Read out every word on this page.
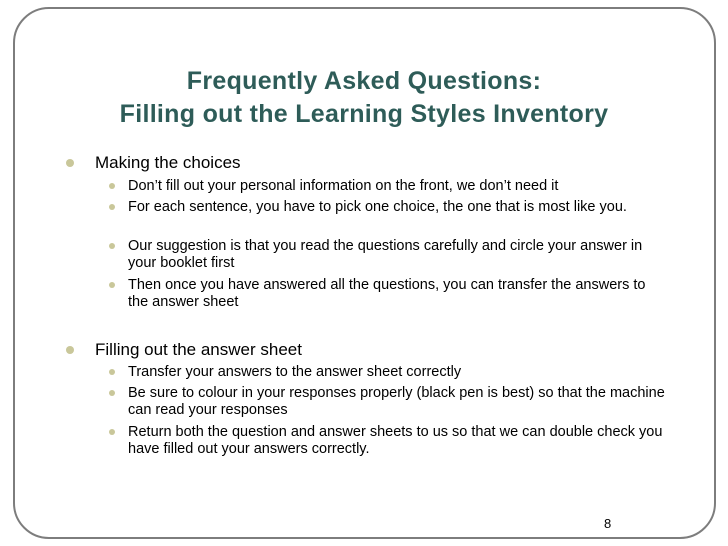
Frequently Asked Questions:
Filling out the Learning Styles Inventory
Making the choices
Don’t fill out your personal information on the front, we don’t need it
For each sentence, you have to pick one choice, the one that is most like you.
Our suggestion is that you read the questions carefully and circle your answer in your booklet first
Then once you have answered all the questions, you can transfer the answers to the answer sheet
Filling out the answer sheet
Transfer your answers to the answer sheet correctly
Be sure to colour in your responses properly (black pen is best) so that the machine can read your responses
Return both the question and answer sheets to us so that we can double check you have filled out your answers correctly.
8
